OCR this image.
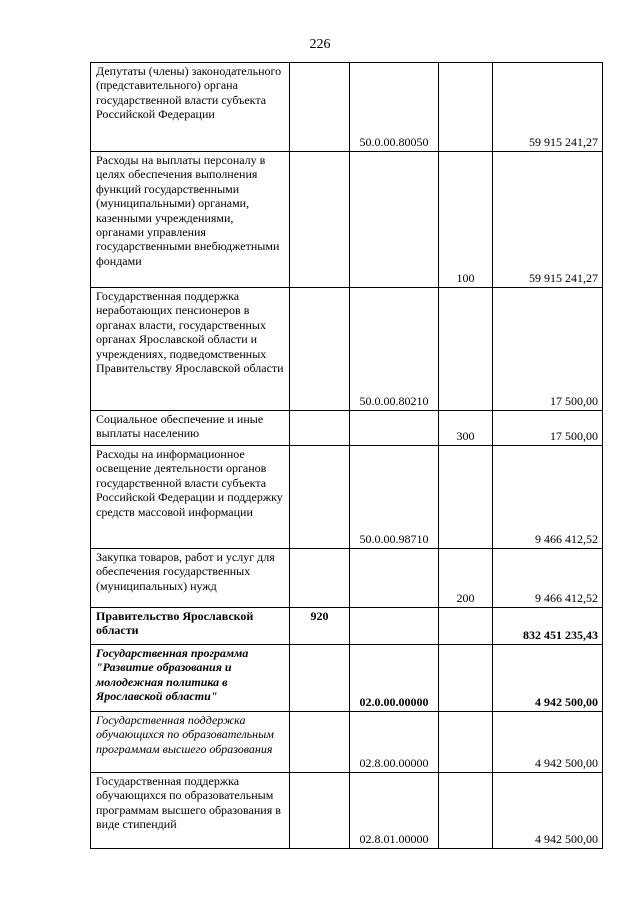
226
Депутаты (члены) законодательного (представительного) органа государственной власти субъекта Российской Федерации		50.0.00.80050		59 915 241,27
Расходы на выплаты персоналу в целях обеспечения выполнения функций государственными (муниципальными) органами, казенными учреждениями, органами управления государственными внебюджетными фондами			100	59 915 241,27
Государственная поддержка неработающих пенсионеров в органах власти, государственных органах Ярославской области и учреждениях, подведомственных Правительству Ярославской области		50.0.00.80210		17 500,00
Социальное обеспечение и иные выплаты населению			300	17 500,00
Расходы на информационное освещение деятельности органов государственной власти субъекта Российской Федерации и поддержку средств массовой информации		50.0.00.98710		9 466 412,52
Закупка товаров, работ и услуг для обеспечения государственных (муниципальных) нужд			200	9 466 412,52
Правительство Ярославской области	920			832 451 235,43
Государственная программа "Развитие образования и молодежная политика в Ярославской области"		02.0.00.00000		4 942 500,00
Государственная поддержка обучающихся по образовательным программам высшего образования		02.8.00.00000		4 942 500,00
Государственная поддержка обучающихся по образовательным программам высшего образования в виде стипендий		02.8.01.00000		4 942 500,00
